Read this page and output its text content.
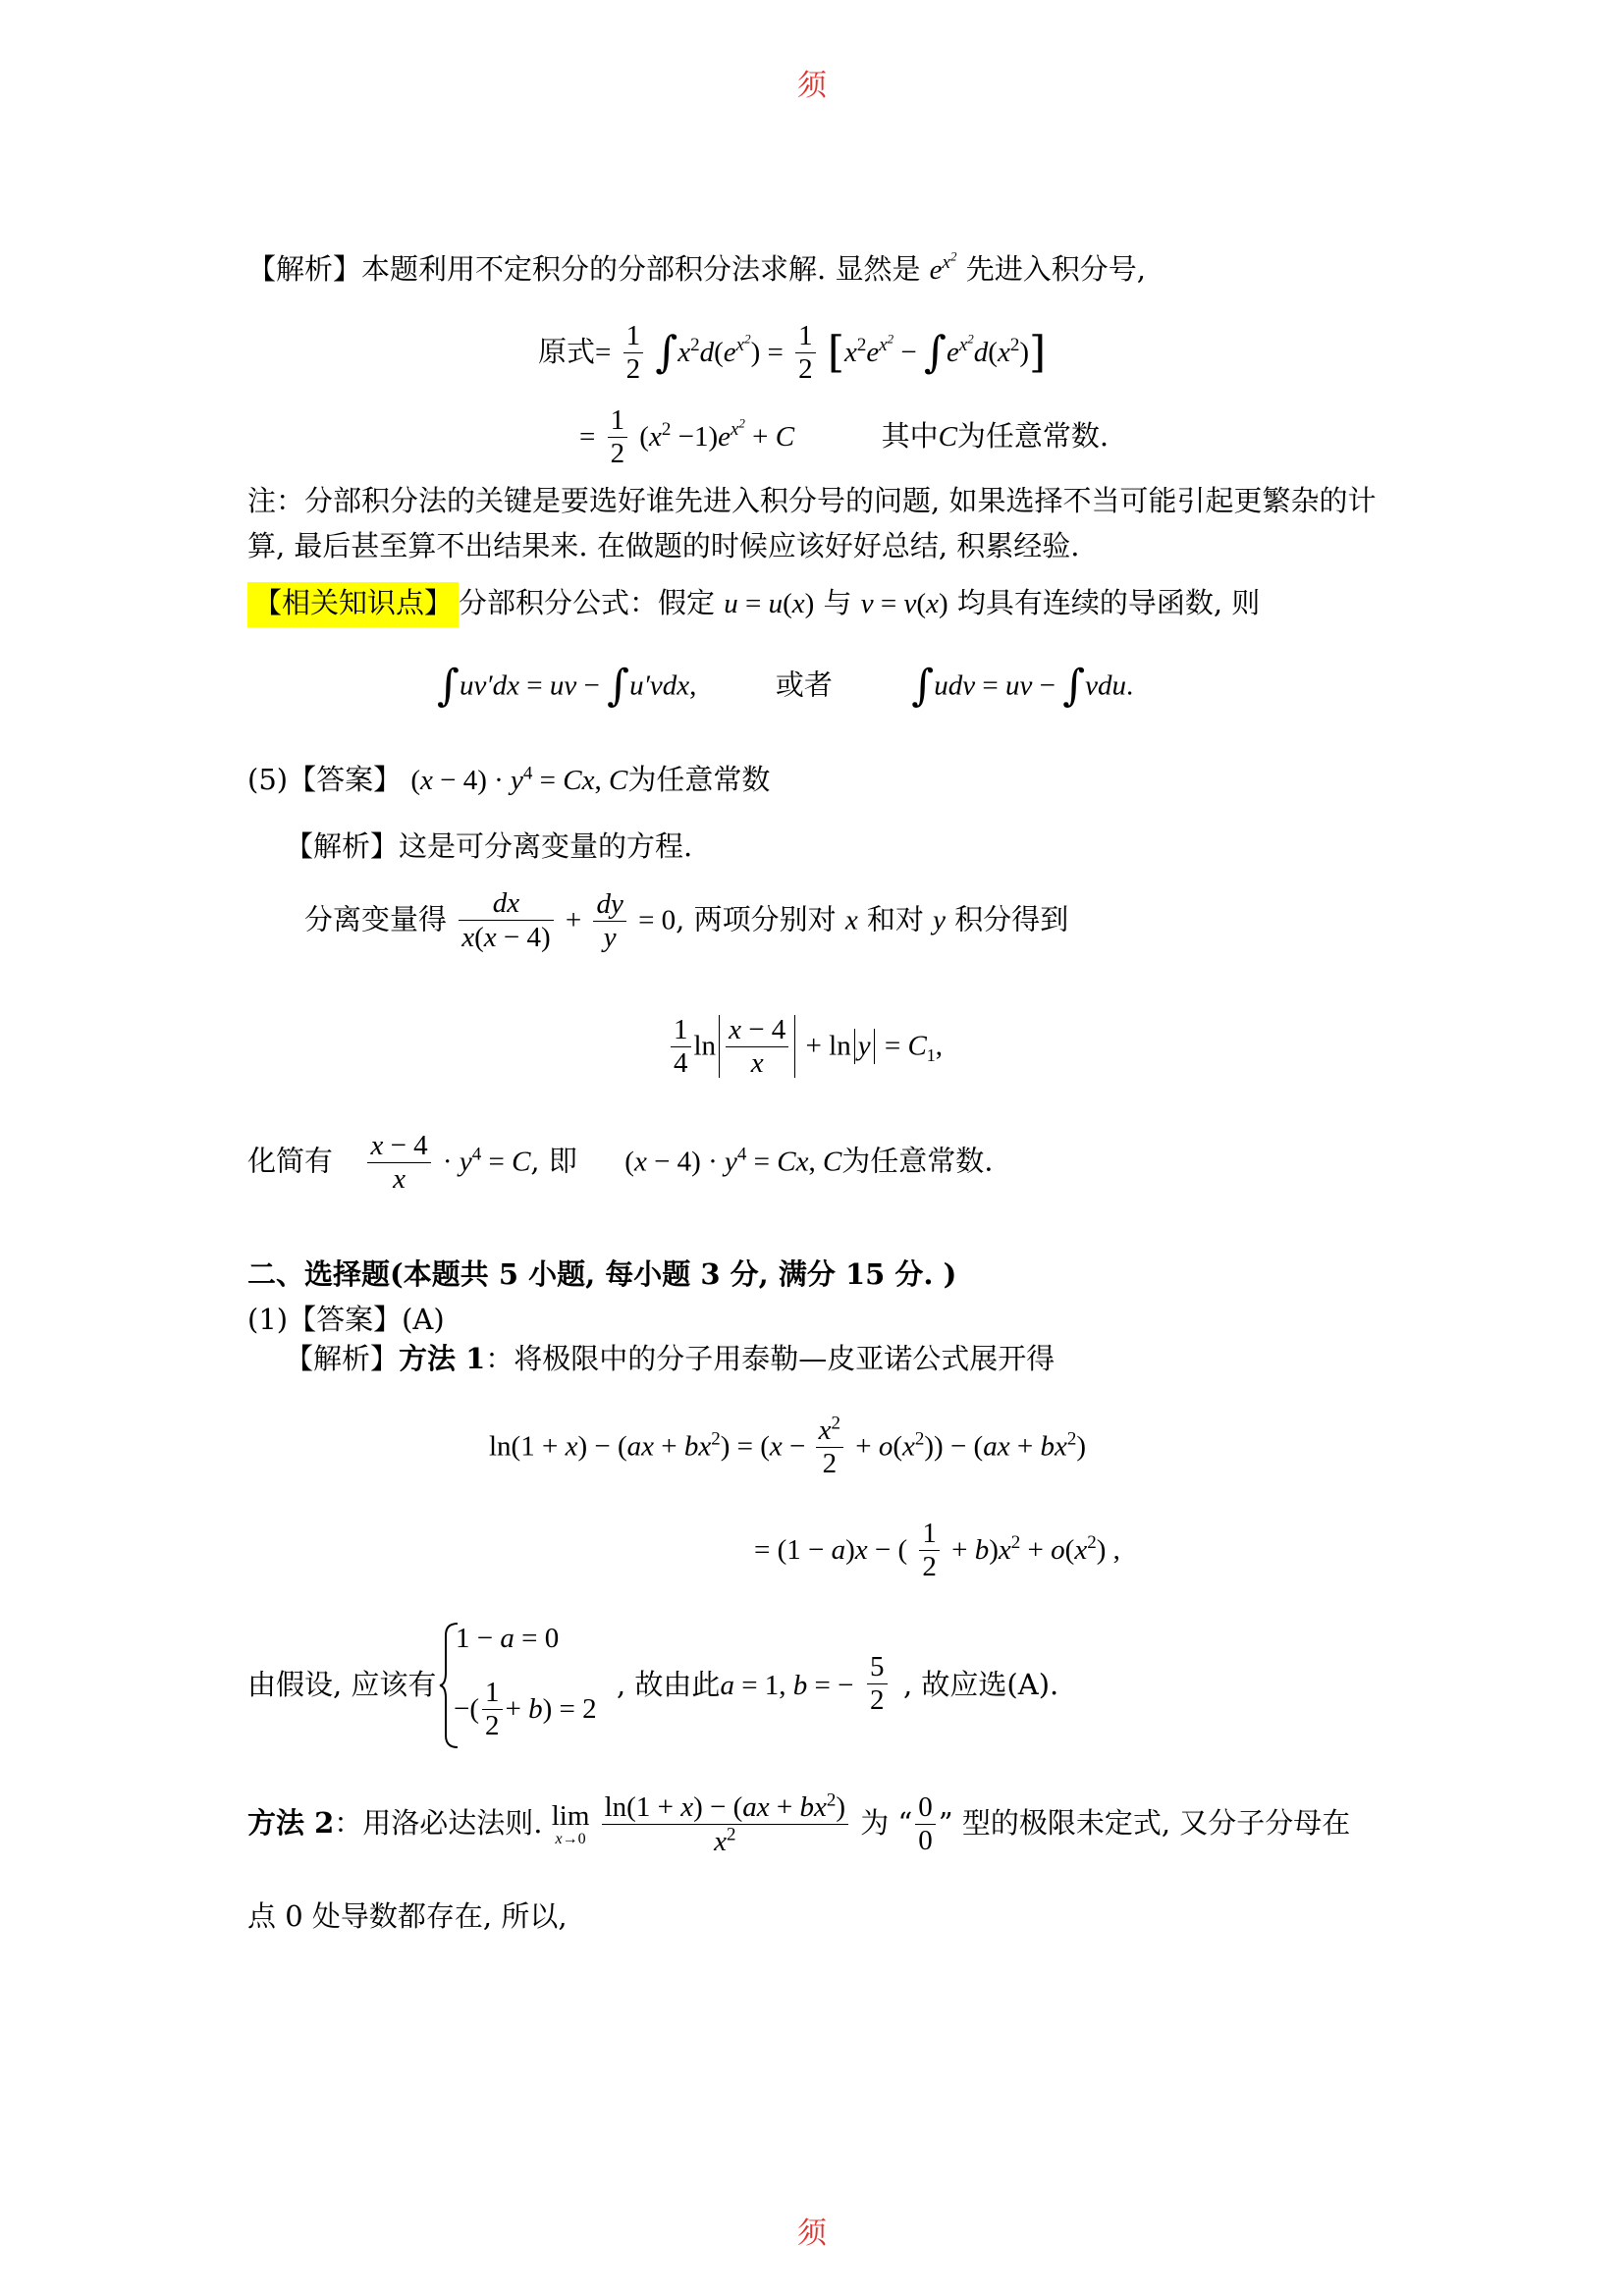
须
须
【解析】本题利用不定积分的分部积分法求解. 显然是 $e^{x^2}$ 先进入积分号,
原式= $\frac{1}{2} \int x^2d(e^{x^2}) = \frac{1}{2} [x^2e^{x^2} - \int e^{x^2}d(x^2)]$
= $\frac{1}{2} (x^2 -1)e^{x^2} + C$	其中C为任意常数.
注：分部积分法的关键是要选好谁先进入积分号的问题, 如果选择不当可能引起更繁杂的计
算, 最后甚至算不出结果来. 在做题的时候应该好好总结, 积累经验.
【相关知识点】 分部积分公式：假定 u = u(x) 与 v = v(x) 均具有连续的导函数, 则
∫uv′dx = uv − ∫u′vdx,	或者 ∫udv = uv − ∫vdu.
(5)【答案】 $(x - 4) \cdot y^4 = Cx$, C为任意常数
【解析】这是可分离变量的方程.
分离变量得 $\frac{dx}{x(x - 4)} + \frac{dy}{y} = 0$, 两项分别对 x 和对 y 积分得到
$\frac{1}{4}$ $\ln \frac{x - 4}{x} + \ln y = C_1$,
化简有 $\frac{x - 4}{x} \cdot y^4 = C$, 即 $(x - 4) \cdot y^4 = Cx$, C为任意常数.
二、选择题(本题共 5 小题, 每小题 3 分, 满分 15 分. )
(1)【答案】(A)
【解析】方法 1：将极限中的分子用泰勒—皮亚诺公式展开得
$\ln(1 + x) - (ax + bx^2) = (x - \frac{x^2}{2} + o(x^2)) - (ax + bx^2)$
= (1 − a)x − ( $\frac{1}{2} + b)x^2 + o(x^2)$ ,
由假设, 应该有
1 − a = 0
−( $\frac{1}{2} + b) = 2$
, 故由此a = 1, b = − $\frac{5}{2}$ , 故应选(A).
方法 2：用洛必达法则. lim
x→0
$\frac{\ln(1 + x) - (ax + bx^2)}{x^2}$ 为 “ $\frac{0}{0}$ ” 型的极限未定式, 又分子分母在
点 0 处导数都存在, 所以,
